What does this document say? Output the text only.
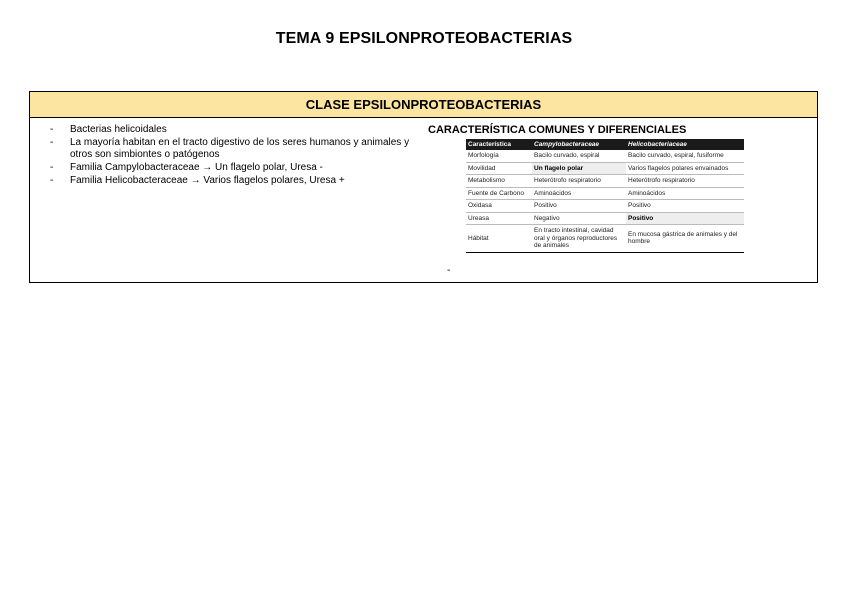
TEMA 9 EPSILONPROTEOBACTERIAS
CLASE EPSILONPROTEOBACTERIAS
- Bacterias helicoidales
- La mayoría habitan en el tracto digestivo de los seres humanos y animales y otros son simbiontes o patógenos
- Familia Campylobacteraceae → Un flagelo polar, Uresa -
- Familia Helicobacteraceae → Varios flagelos polares, Uresa +
CARACTERÍSTICA COMUNES Y DIFERENCIALES
Característica	Campylobacteraceae	Helicobacteriaceae
Morfología	Bacilo curvado, espiral	Bacilo curvado, espiral, fusiforme
Movilidad	Un flagelo polar	Varios flagelos polares envainados
Metabolismo	Heterótrofo respiratorio	Heterótrofo respiratorio
Fuente de Carbono	Aminoácidos	Aminoácidos
Oxidasa	Positivo	Positivo
Ureasa	Negativo	Positivo
Hábitat	En tracto intestinal, cavidad oral y órganos reproductores de animales	En mucosa gástrica de animales y del hombre
-
